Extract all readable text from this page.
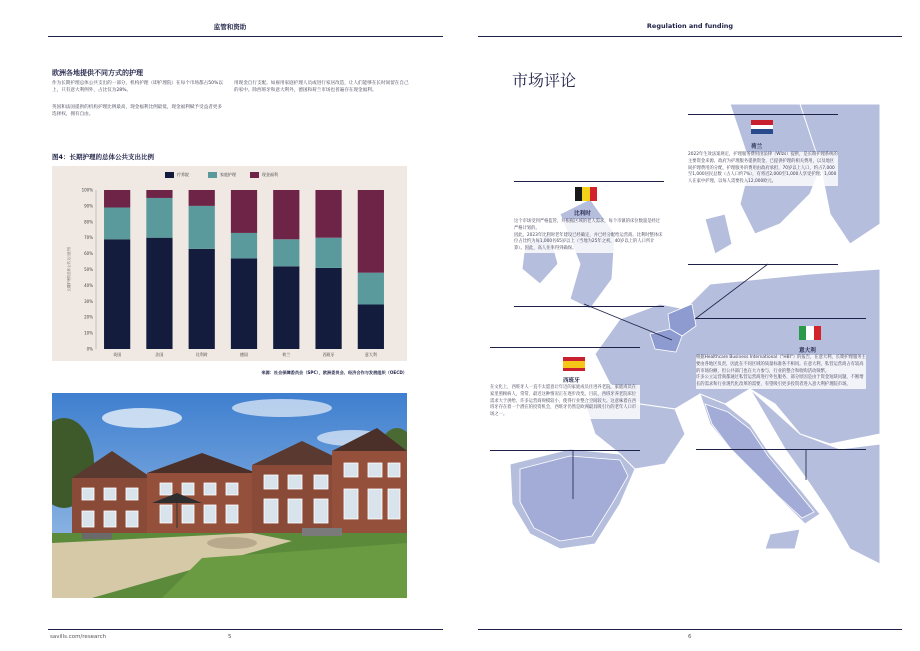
监管和资助
欧洲各地提供不同方式的护理
作为长期护理总体公共支出的一部分，机构护理（即护理院）在每个市场都占50%以上，只有意大利例外，占比仅为28%。
英国和法国提供的机构护理比例最高，现金福利比例最低，现金福利赋予受益者更多选择权，拥有自由。
用现金自行支配。如雇用家庭护理人员或进行家居改造，让人们能够在长时间留在自己的家中。除西班牙和意大利外，德国和荷兰市场也普遍存在现金福利。
图4：长期护理的总体公共支出比例
疗养院	家庭护理	现金福利
0%
10%
20%
30%
40%
50%
60%
70%
80%
90%
100%
长期护理的总体公共支出比例
英国	法国	比利时	德国	荷兰	西班牙	意大利
来源：社会保障委员会（SPC），欧洲委员会、经济合作与发展组织（OECD）
savills.com/research	5
Regulation and funding
市场评论
荷兰
2022年生效法案规定，护理服务费用由法律（Wlzs）提供，是长期护理系统的主要资金来源。政府为护理服务提供资金，已提供护理的相关费用，以及地区间护理费用的分配，护理服务的费用由政府承担，70岁以上人口，约占7,000至1,000居民总数（占人口约7%），有将近2,000至1,000人享受护理；1,000人在家中护理。以每人需要投入12,000欧元。
比利时
这个市场受到严格监管，并根据区域的老人需求，每个市镇的床位数量是经过严格计划的。
因此，2023年比利时老年建设已经确定，并已经分配给运营商。比利时整体床位占比约为每1,000名65岁以上（当地为25年之初，40岁以上的人口所计算）。因此，高人住率得到确保。
西班牙
在文化上，西班牙人一直不太愿意让年迈的家庭成员住进养老院，家庭成员在家里照顾病人，常常，最近这种情况正在逐步改变。目前，西班牙养老院床位需求大于供给，许多运营商规模较小，使得行业整合空间较大。这意味着在西班牙存在着一个潜在的投资机会，西班牙仍然是欧洲最具吸引力的老年人口市场之一。
意大利
根据Healthcare Business International（"HBI"）的报告，在意大利，长期护理服务主要由各地区负责，因此在不同区域的质量标准各不相同。在意大利，私营运营商占有较高的市场份额，但公共部门也在大力参与，行业的整合和收购活动频繁。
许多公立运营商都通过私营运营商进行外包服务，部分原因是由于资金短缺问题，不断增长的需求和行业现代化改革的需要，有望吸引更多投资者进入意大利护理院市场。
6
